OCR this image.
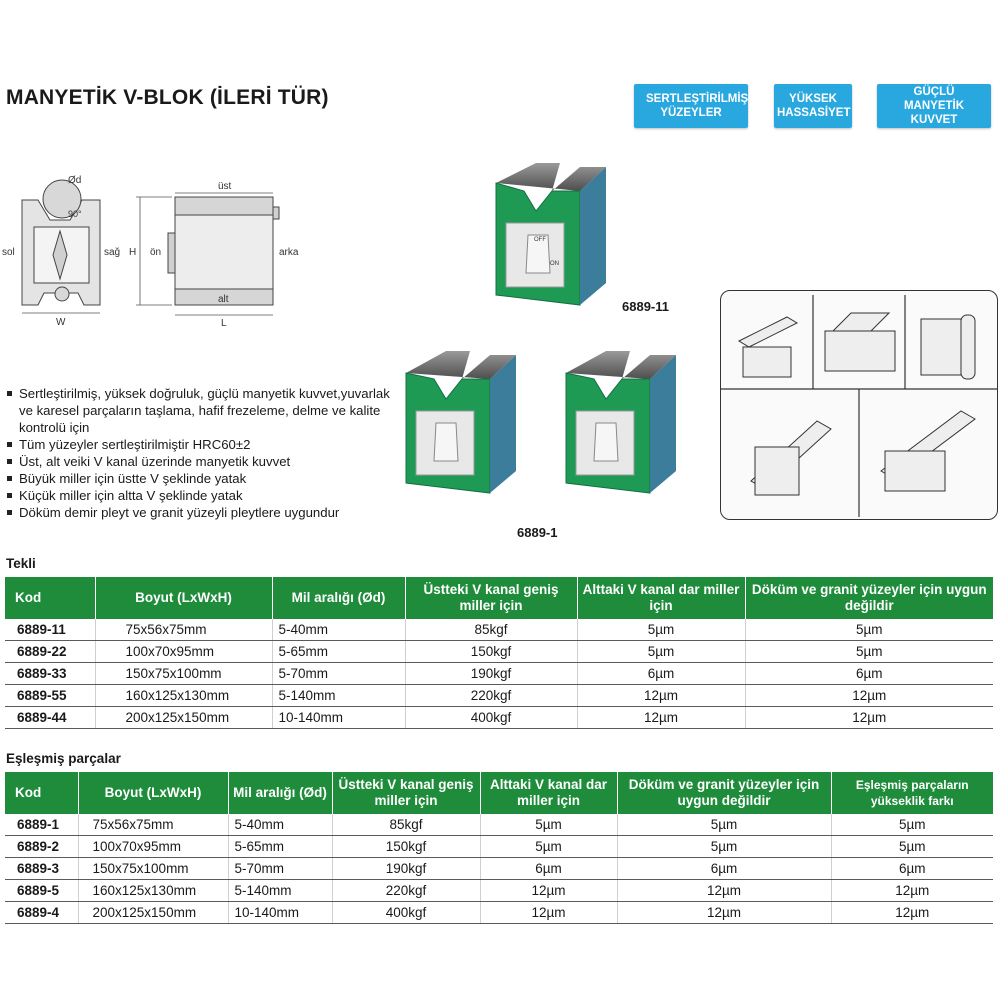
MANYETİK V-BLOK (İLERİ TÜR)	SERTLEŞTİRİLMİŞ YÜZEYLER
YÜKSEK HASSASİYET
GÜÇLÜ MANYETİK KUVVET
Ød
90°
sol	sağ
W
üst
ön	arka
H
alt
L
OFF
ON
6889-11
6889-1
Sertleştirilmiş, yüksek doğruluk, güçlü manyetik kuvvet,yuvarlak ve karesel parçaların taşlama, hafif frezeleme, delme ve kalite kontrolü için
Tüm yüzeyler sertleştirilmiştir HRC60±2
Üst, alt veiki V kanal üzerinde manyetik kuvvet
Büyük miller için üstte V şeklinde yatak
Küçük miller için altta V şeklinde yatak
Döküm demir pleyt ve granit yüzeyli pleytlere uygundur
Tekli
Kod	Boyut (LxWxH)	Mil aralığı (Ød)	Üstteki V kanal geniş miller için	Alttaki V kanal dar miller için	Döküm ve granit yüzeyler için uygun değildir
6889-11	75x56x75mm	5-40mm	85kgf	5µm	5µm
6889-22	100x70x95mm	5-65mm	150kgf	5µm	5µm
6889-33	150x75x100mm	5-70mm	190kgf	6µm	6µm
6889-55	160x125x130mm	5-140mm	220kgf	12µm	12µm
6889-44	200x125x150mm	10-140mm	400kgf	12µm	12µm
Eşleşmiş parçalar
Kod	Boyut (LxWxH)	Mil aralığı (Ød)	Üstteki V kanal geniş miller için	Alttaki V kanal dar miller için	Döküm ve granit yüzeyler için uygun değildir	Eşleşmiş parçaların yükseklik farkı
6889-1	75x56x75mm	5-40mm	85kgf	5µm	5µm	5µm
6889-2	100x70x95mm	5-65mm	150kgf	5µm	5µm	5µm
6889-3	150x75x100mm	5-70mm	190kgf	6µm	6µm	6µm
6889-5	160x125x130mm	5-140mm	220kgf	12µm	12µm	12µm
6889-4	200x125x150mm	10-140mm	400kgf	12µm	12µm	12µm
